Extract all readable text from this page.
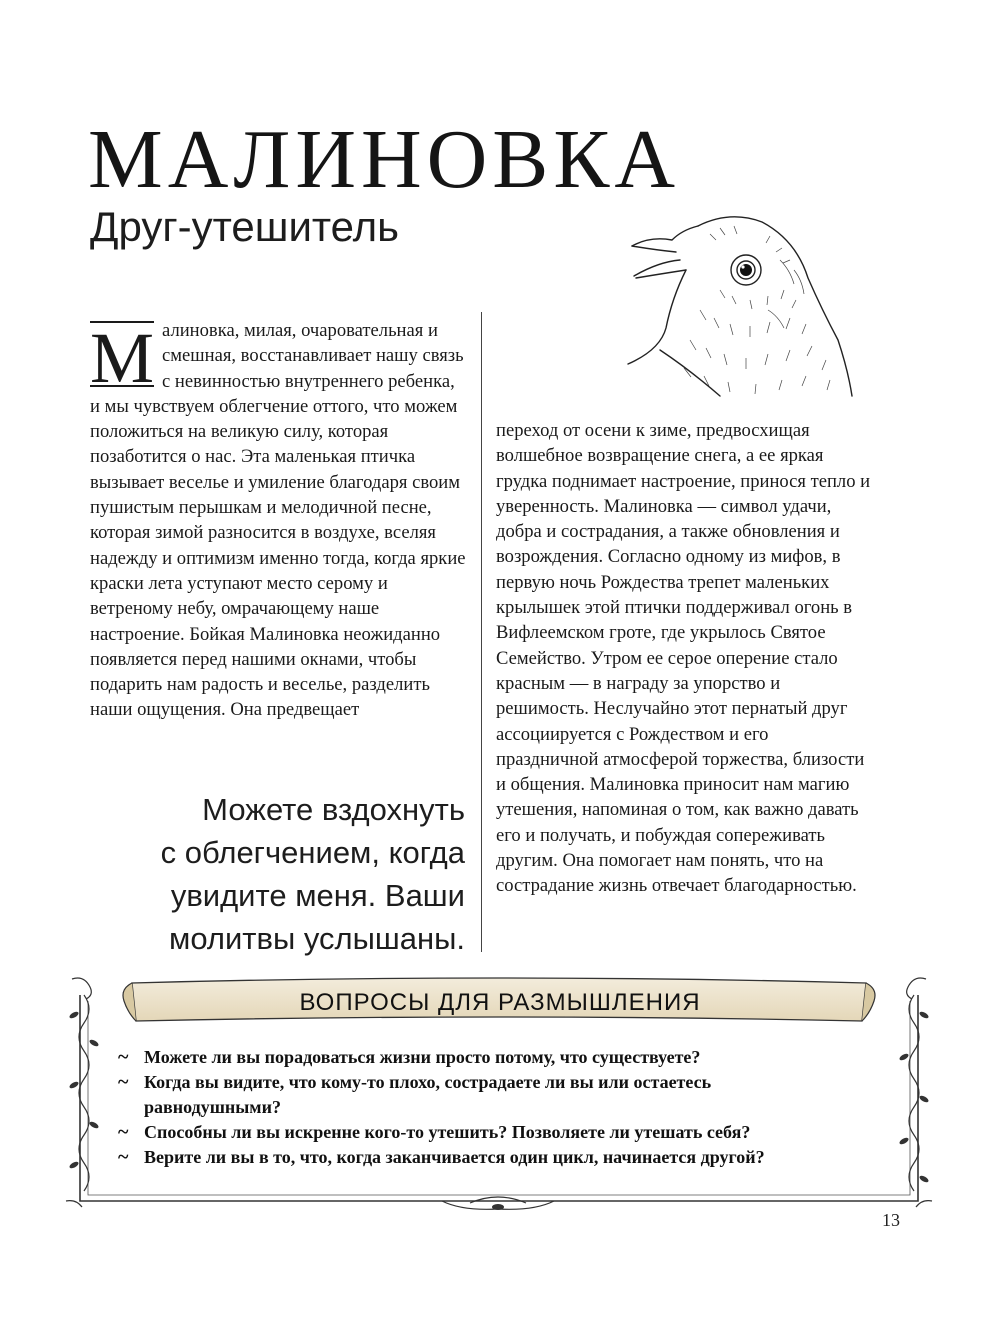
МАЛИНОВКА
Друг-утешитель
М алиновка, милая, очаровательная и смешная, восстанавливает нашу связь с невинностью внутреннего ребенка, и мы чувствуем облегчение оттого, что можем положиться на великую силу, которая позаботится о нас. Эта маленькая птичка вызывает веселье и умиление благодаря своим пушистым перышкам и мелодичной песне, которая зимой разносится в воздухе, вселяя надежду и оптимизм именно тогда, когда яркие краски лета уступают место серому и ветреному небу, омрачающему наше настроение. Бойкая Малиновка неожиданно появляется перед нашими окнами, чтобы подарить нам радость и веселье, разделить наши ощущения. Она предвещает

переход от осени к зиме, предвосхищая волшебное возвращение снега, а ее яркая грудка поднимает настроение, принося тепло и уверенность. Малиновка — символ удачи, добра и сострадания, а также обновления и возрождения. Согласно одному из мифов, в первую ночь Рождества трепет маленьких крылышек этой птички поддерживал огонь в Вифлеемском гроте, где укрылось Святое Семейство. Утром ее серое оперение стало красным — в награду за упорство и решимость. Неслучайно этот пернатый друг ассоциируется с Рождеством и его праздничной атмосферой торжества, близости и общения. Малиновка приносит нам магию утешения, напоминая о том, как важно давать его и получать, и побуждая сопереживать другим. Она помогает нам понять, что на сострадание жизнь отвечает благодарностью.

Можете вздохнуть
с облегчением, когда
увидите меня. Ваши
молитвы услышаны.
ВОПРОСЫ ДЛЯ РАЗМЫШЛЕНИЯ
~ Можете ли вы порадоваться жизни просто потому, что существуете?
~ Когда вы видите, что кому-то плохо, сострадаете ли вы или остаетесь равнодушными?
~ Способны ли вы искренне кого-то утешить? Позволяете ли утешать себя?
~ Верите ли вы в то, что, когда заканчивается один цикл, начинается другой?
13
